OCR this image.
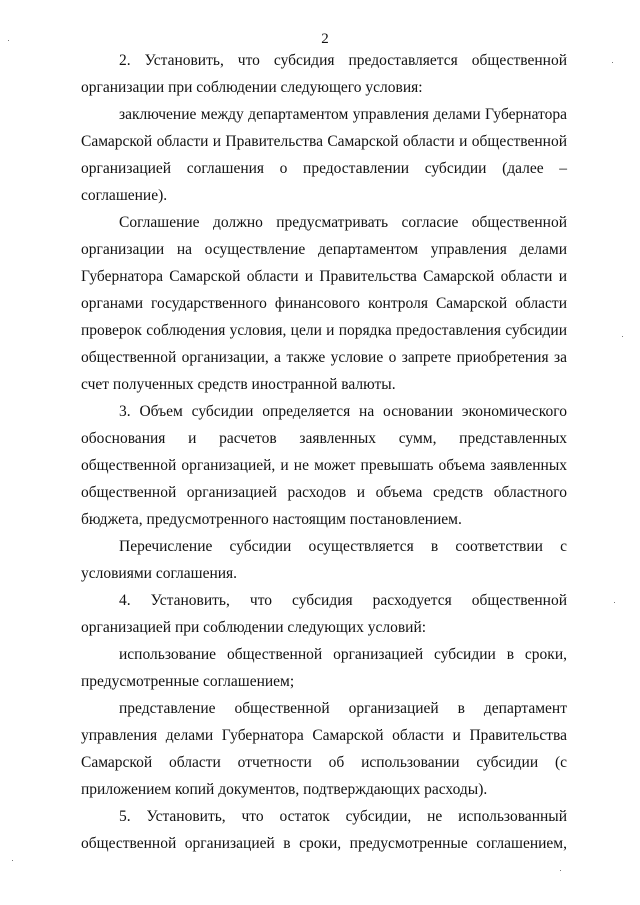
2

2. Установить, что субсидия предоставляется общественной организации при соблюдении следующего условия:

заключение между департаментом управления делами Губернатора Самарской области и Правительства Самарской области и общественной организацией соглашения о предоставлении субсидии (далее – соглашение).

Соглашение должно предусматривать согласие общественной организации на осуществление департаментом управления делами Губернатора Самарской области и Правительства Самарской области и органами государственного финансового контроля Самарской области проверок соблюдения условия, цели и порядка предоставления субсидии общественной организации, а также условие о запрете приобретения за счет полученных средств иностранной валюты.

3. Объем субсидии определяется на основании экономического обоснования и расчетов заявленных сумм, представленных общественной организацией, и не может превышать объема заявленных общественной организацией расходов и объема средств областного бюджета, предусмотренного настоящим постановлением.

Перечисление субсидии осуществляется в соответствии с условиями соглашения.

4. Установить, что субсидия расходуется общественной организацией при соблюдении следующих условий:

использование общественной организацией субсидии в сроки, предусмотренные соглашением;

представление общественной организацией в департамент управления делами Губернатора Самарской области и Правительства Самарской области отчетности об использовании субсидии (с приложением копий документов, подтверждающих расходы).

5. Установить, что остаток субсидии, не использованный общественной организацией в сроки, предусмотренные соглашением,
